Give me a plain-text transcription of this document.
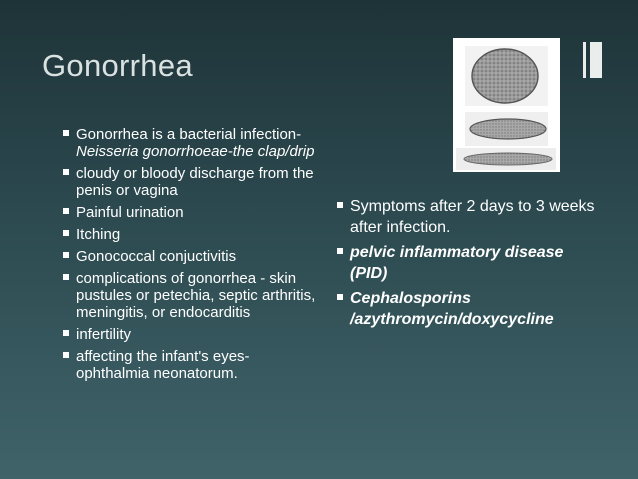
Gonorrhea
Gonorrhea is a bacterial infection-Neisseria gonorrhoeae-the clap/drip
cloudy or bloody discharge from the penis or vagina
Painful urination
Itching
Gonococcal conjuctivitis
complications of gonorrhea - skin pustules or petechia, septic arthritis, meningitis, or endocarditis
infertility
affecting the infant's eyes-ophthalmia neonatorum.
Symptoms after 2 days to 3 weeks after infection.
pelvic inflammatory disease (PID)
Cephalosporins /azythromycin/doxycycline
